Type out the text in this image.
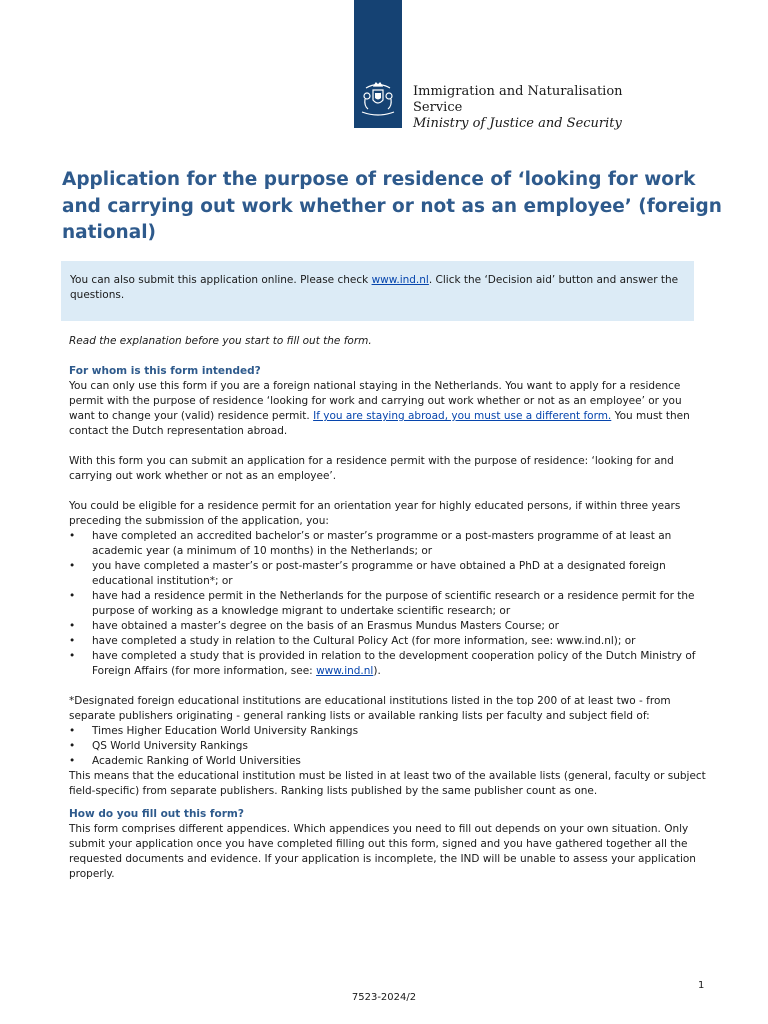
Immigration and Naturalisation
Service
Ministry of Justice and Security
Application for the purpose of residence of ‘looking for work and carrying out work whether or not as an employee’ (foreign national)
You can also submit this application online. Please check www.ind.nl. Click the ‘Decision aid’ button and answer the questions.

Read the explanation before you start to fill out the form.

For whom is this form intended?

You can only use this form if you are a foreign national staying in the Netherlands. You want to apply for a residence permit with the purpose of residence ‘looking for work and carrying out work whether or not as an employee’ or you want to change your (valid) residence permit. If you are staying abroad, you must use a different form. You must then contact the Dutch representation abroad.

With this form you can submit an application for a residence permit with the purpose of residence: ‘looking for and carrying out work whether or not as an employee’.

You could be eligible for a residence permit for an orientation year for highly educated persons, if within three years preceding the submission of the application, you:

• have completed an accredited bachelor’s or master’s programme or a post-masters programme of at least an academic year (a minimum of 10 months) in the Netherlands; or
• you have completed a master’s or post-master’s programme or have obtained a PhD at a designated foreign educational institution*; or
• have had a residence permit in the Netherlands for the purpose of scientific research or a residence permit for the purpose of working as a knowledge migrant to undertake scientific research; or
• have obtained a master’s degree on the basis of an Erasmus Mundus Masters Course; or
• have completed a study in relation to the Cultural Policy Act (for more information, see: www.ind.nl); or
• have completed a study that is provided in relation to the development cooperation policy of the Dutch Ministry of Foreign Affairs (for more information, see: www.ind.nl).

*Designated foreign educational institutions are educational institutions listed in the top 200 of at least two - from separate publishers originating - general ranking lists or available ranking lists per faculty and subject field of:

• Times Higher Education World University Rankings
• QS World University Rankings
• Academic Ranking of World Universities

This means that the educational institution must be listed in at least two of the available lists (general, faculty or subject field-specific) from separate publishers. Ranking lists published by the same publisher count as one.

How do you fill out this form?

This form comprises different appendices. Which appendices you need to fill out depends on your own situation. Only submit your application once you have completed filling out this form, signed and you have gathered together all the requested documents and evidence. If your application is incomplete, the IND will be unable to assess your application properly.

1
7523-2024/2
